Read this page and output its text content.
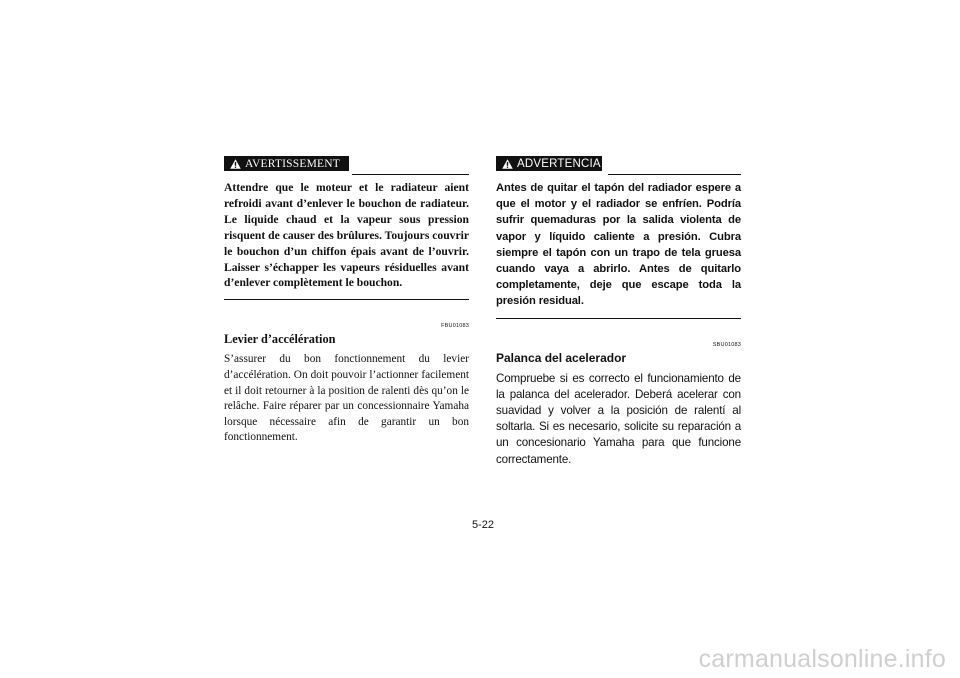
AVERTISSEMENT
Attendre que le moteur et le radiateur aient refroidi avant d’enlever le bouchon de radiateur. Le liquide chaud et la vapeur sous pression risquent de causer des brûlures. Toujours couvrir le bouchon d’un chiffon épais avant de l’ouvrir. Laisser s’échapper les vapeurs résiduelles avant d’enlever complètement le bouchon.
FBU01083
Levier d’accélération
S’assurer du bon fonctionnement du levier d’accélération. On doit pouvoir l’actionner facilement et il doit retourner à la position de ralenti dès qu’on le relâche. Faire réparer par un concessionnaire Yamaha lorsque nécessaire afin de garantir un bon fonctionnement.
ADVERTENCIA
Antes de quitar el tapón del radiador espere a que el motor y el radiador se enfríen. Podría sufrir quemaduras por la salida violenta de vapor y líquido caliente a presión. Cubra siempre el tapón con un trapo de tela gruesa cuando vaya a abrirlo. Antes de quitarlo completamente, deje que escape toda la presión residual.
SBU01083
Palanca del acelerador
Compruebe si es correcto el funcionamiento de la palanca del acelerador. Deberá acelerar con suavidad y volver a la posición de ralentí al soltarla. Si es necesario, solicite su reparación a un concesionario Yamaha para que funcione correctamente.
5-22
carmanualsonline.info
